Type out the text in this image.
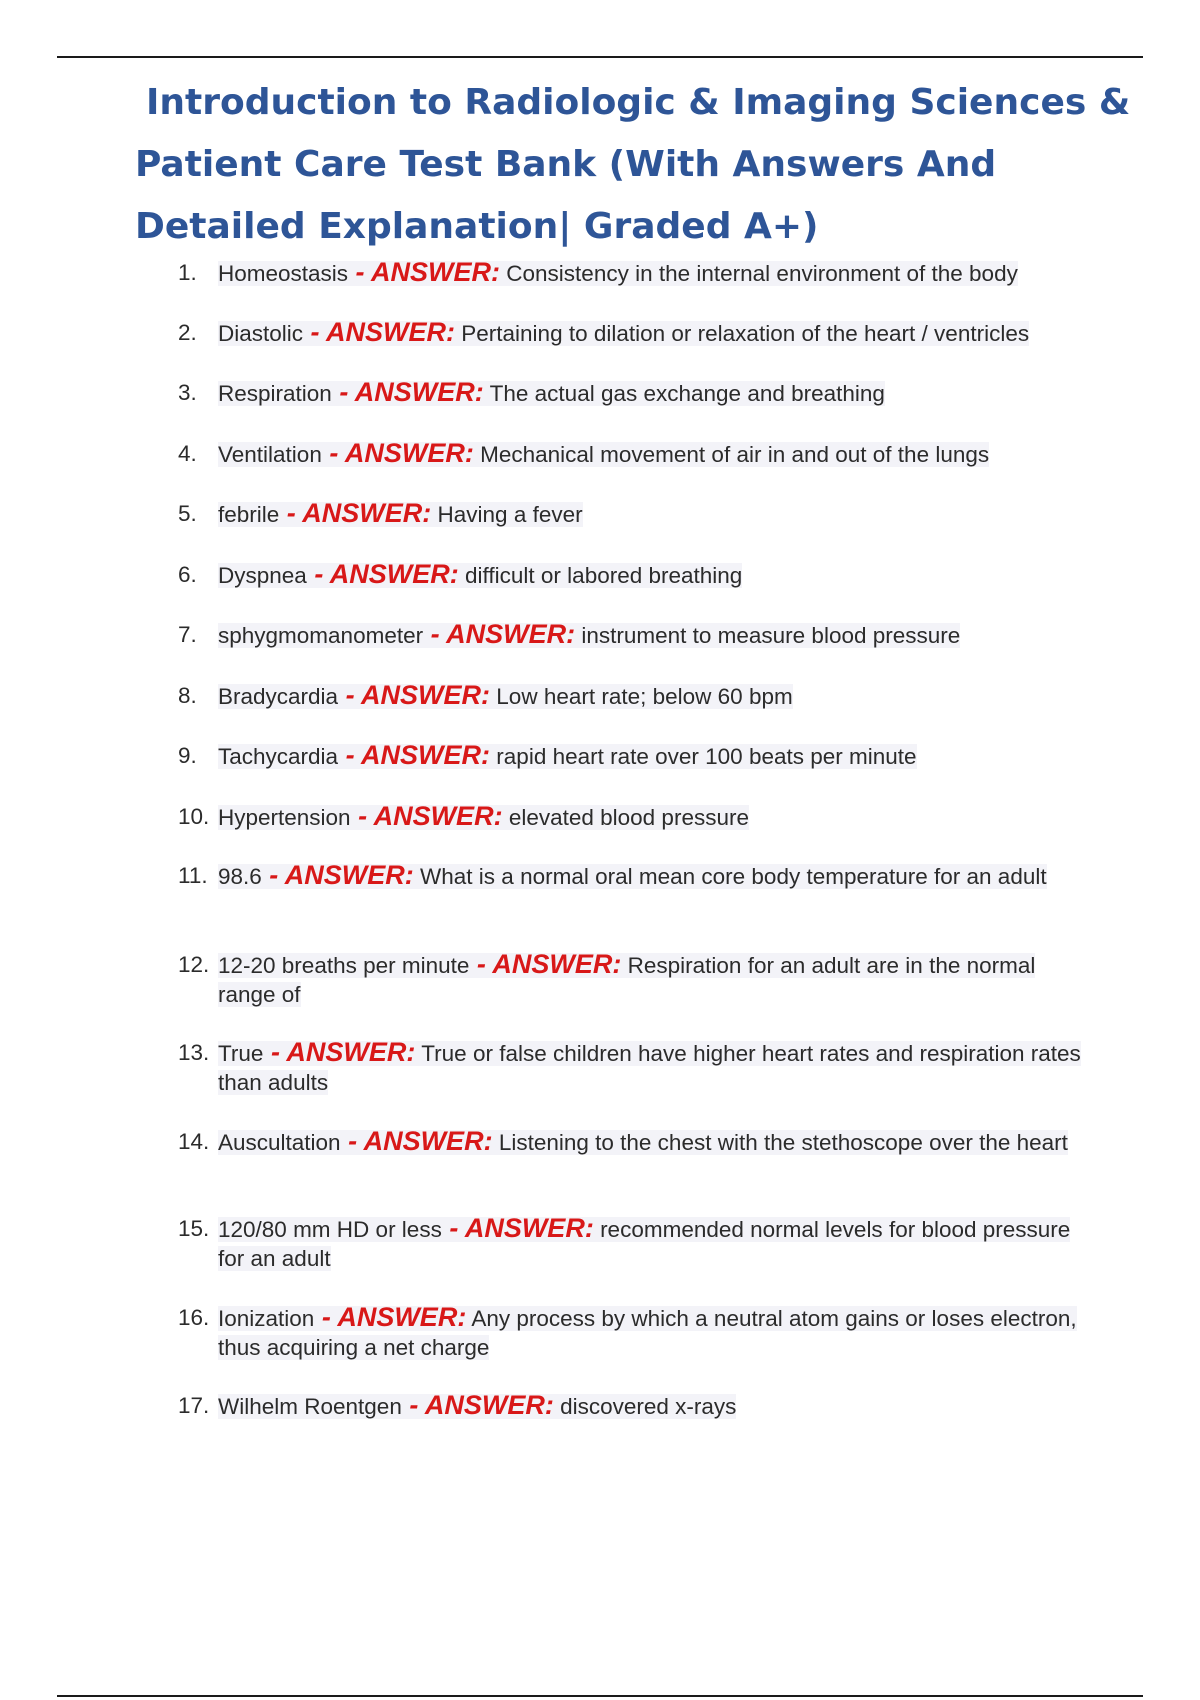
Introduction to Radiologic & Imaging Sciences &
Patient Care Test Bank (With Answers And
Detailed Explanation| Graded A+)
1. Homeostasis - ANSWER: Consistency in the internal environment of the body
2. Diastolic - ANSWER: Pertaining to dilation or relaxation of the heart / ventricles
3. Respiration - ANSWER: The actual gas exchange and breathing
4. Ventilation - ANSWER: Mechanical movement of air in and out of the lungs
5. febrile - ANSWER: Having a fever
6. Dyspnea - ANSWER: difficult or labored breathing
7. sphygmomanometer - ANSWER: instrument to measure blood pressure
8. Bradycardia - ANSWER: Low heart rate; below 60 bpm
9. Tachycardia - ANSWER: rapid heart rate over 100 beats per minute
10. Hypertension - ANSWER: elevated blood pressure
11. 98.6 - ANSWER: What is a normal oral mean core body temperature for an adult
12. 12-20 breaths per minute - ANSWER: Respiration for an adult are in the normal range of
13. True - ANSWER: True or false children have higher heart rates and respiration rates than adults
14. Auscultation - ANSWER: Listening to the chest with the stethoscope over the heart
15. 120/80 mm HD or less - ANSWER: recommended normal levels for blood pressure for an adult
16. Ionization - ANSWER: Any process by which a neutral atom gains or loses electron, thus acquiring a net charge
17. Wilhelm Roentgen - ANSWER: discovered x-rays
